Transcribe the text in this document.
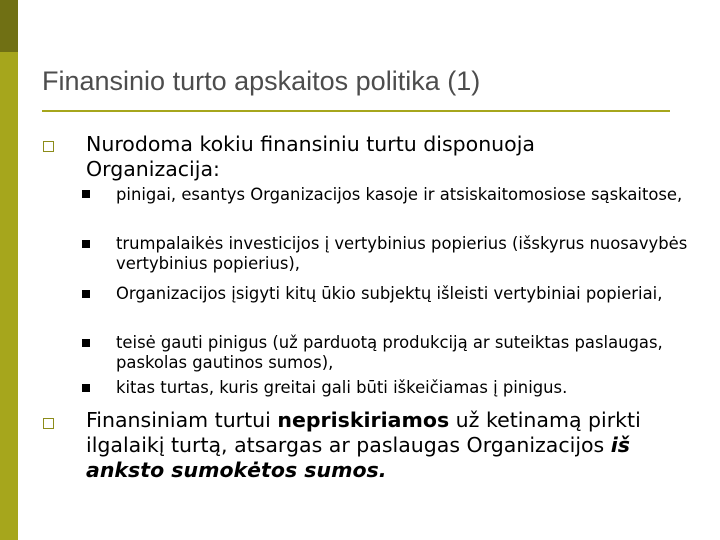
Finansinio turto apskaitos politika (1)
Nurodoma kokiu finansiniu turtu disponuoja Organizacija:
pinigai, esantys Organizacijos kasoje ir atsiskaitomosiose sąskaitose,
trumpalaikės investicijos į vertybinius popierius (išskyrus nuosavybės vertybinius popierius),
Organizacijos įsigyti kitų ūkio subjektų išleisti vertybiniai popieriai,
teisė gauti pinigus (už parduotą produkciją ar suteiktas paslaugas, paskolas gautinos sumos),
kitas turtas, kuris greitai gali būti iškeičiamas į pinigus.
Finansiniam turtui nepriskiriamos už ketinamą pirkti ilgalaikį turtą, atsargas ar paslaugas Organizacijos iš anksto sumokėtos sumos.
